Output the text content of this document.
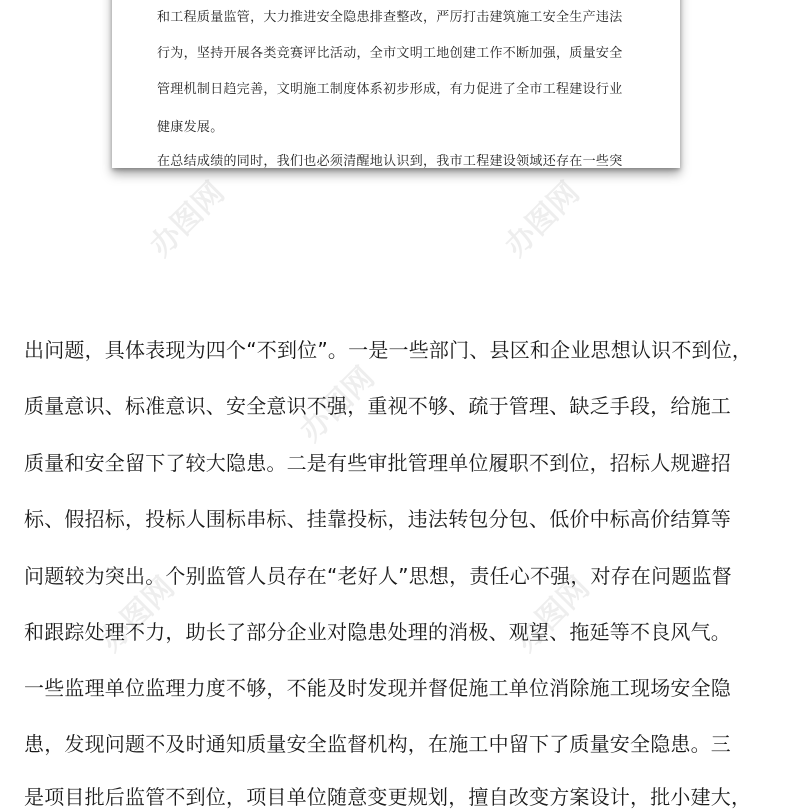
办图网	办图网
办图网
办图网	办图网
和工程质量监管，大力推进安全隐患排查整改，严厉打击建筑施工安全生产违法
行为，坚持开展各类竞赛评比活动，全市文明工地创建工作不断加强，质量安全
管理机制日趋完善，文明施工制度体系初步形成，有力促进了全市工程建设行业
健康发展。
在总结成绩的同时，我们也必须清醒地认识到，我市工程建设领域还存在一些突
出问题，具体表现为四个“不到位”。一是一些部门、县区和企业思想认识不到位，
质量意识、标准意识、安全意识不强，重视不够、疏于管理、缺乏手段，给施工
质量和安全留下了较大隐患。二是有些审批管理单位履职不到位，招标人规避招
标、假招标，投标人围标串标、挂靠投标，违法转包分包、低价中标高价结算等
问题较为突出。个别监管人员存在“老好人”思想，责任心不强，对存在问题监督
和跟踪处理不力，助长了部分企业对隐患处理的消极、观望、拖延等不良风气。
一些监理单位监理力度不够，不能及时发现并督促施工单位消除施工现场安全隐
患，发现问题不及时通知质量安全监督机构，在施工中留下了质量安全隐患。三
是项目批后监管不到位，项目单位随意变更规划，擅自改变方案设计，批小建大，
